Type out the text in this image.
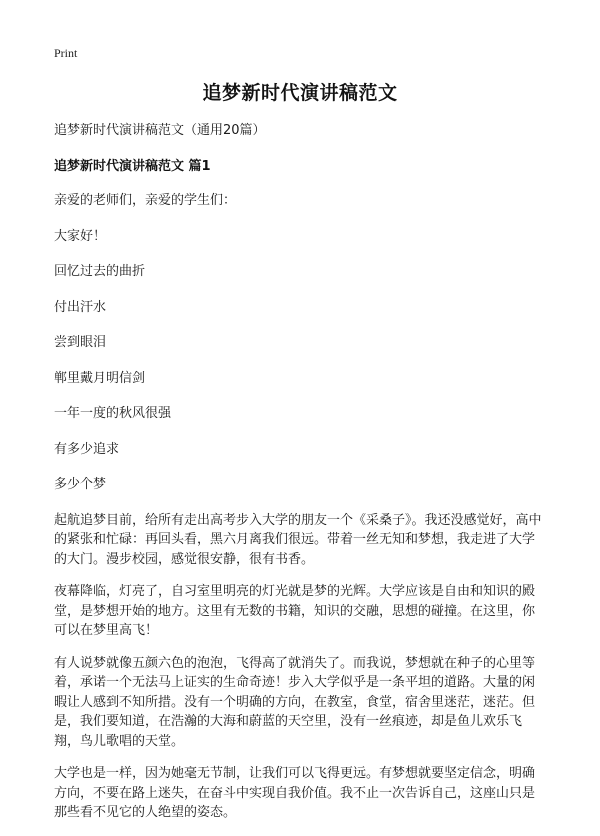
Print
追梦新时代演讲稿范文

追梦新时代演讲稿范文（通用20篇）

追梦新时代演讲稿范文 篇1

亲爱的老师们，亲爱的学生们：

大家好！

回忆过去的曲折

付出汗水

尝到眼泪

郸里戴月明信剑

一年一度的秋风很强

有多少追求

多少个梦

起航追梦目前，给所有走出高考步入大学的朋友一个《采桑子》。我还没感觉好，高中的紧张和忙碌：再回头看，黑六月离我们很远。带着一丝无知和梦想，我走进了大学的大门。漫步校园，感觉很安静，很有书香。

夜幕降临，灯亮了，自习室里明亮的灯光就是梦的光辉。大学应该是自由和知识的殿堂，是梦想开始的地方。这里有无数的书籍，知识的交融，思想的碰撞。在这里，你可以在梦里高飞！

有人说梦就像五颜六色的泡泡，飞得高了就消失了。而我说，梦想就在种子的心里等着，承诺一个无法马上证实的生命奇迹！步入大学似乎是一条平坦的道路。大量的闲暇让人感到不知所措。没有一个明确的方向，在教室，食堂，宿舍里迷茫，迷茫。但是，我们要知道，在浩瀚的大海和蔚蓝的天空里，没有一丝痕迹，却是鱼儿欢乐飞翔，鸟儿歌唱的天堂。

大学也是一样，因为她毫无节制，让我们可以飞得更远。有梦想就要坚定信念，明确方向，不要在路上迷失，在奋斗中实现自我价值。我不止一次告诉自己，这座山只是那些看不见它的人绝望的姿态。
